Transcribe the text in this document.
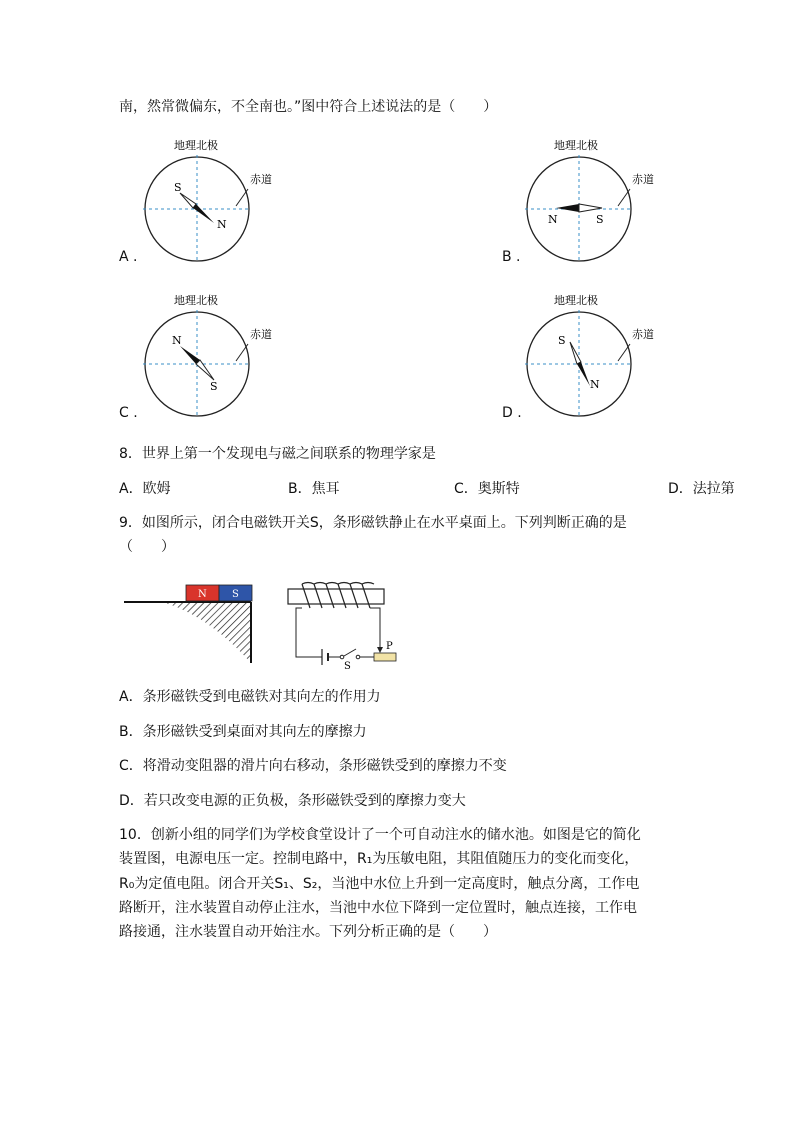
南，然常微偏东，不全南也。”图中符合上述说法的是（　　）
地理北极
赤道
S
N
A .
地理北极
赤道
N	S
B .
地理北极
赤道
N
S
C .
地理北极
赤道
S
N
D .
8．世界上第一个发现电与磁之间联系的物理学家是
A．欧姆	B．焦耳	C．奥斯特	D．法拉第
9．如图所示，闭合电磁铁开关S，条形磁铁静止在水平桌面上。下列判断正确的是
（　　）
N	S
S
P
A．条形磁铁受到电磁铁对其向左的作用力
B．条形磁铁受到桌面对其向左的摩擦力
C．将滑动变阻器的滑片向右移动，条形磁铁受到的摩擦力不变
D．若只改变电源的正负极，条形磁铁受到的摩擦力变大
10．创新小组的同学们为学校食堂设计了一个可自动注水的储水池。如图是它的简化
装置图，电源电压一定。控制电路中，R₁为压敏电阻，其阻值随压力的变化而变化，
R₀为定值电阻。闭合开关S₁、S₂，当池中水位上升到一定高度时，触点分离，工作电
路断开，注水装置自动停止注水，当池中水位下降到一定位置时，触点连接，工作电
路接通，注水装置自动开始注水。下列分析正确的是（　　）
